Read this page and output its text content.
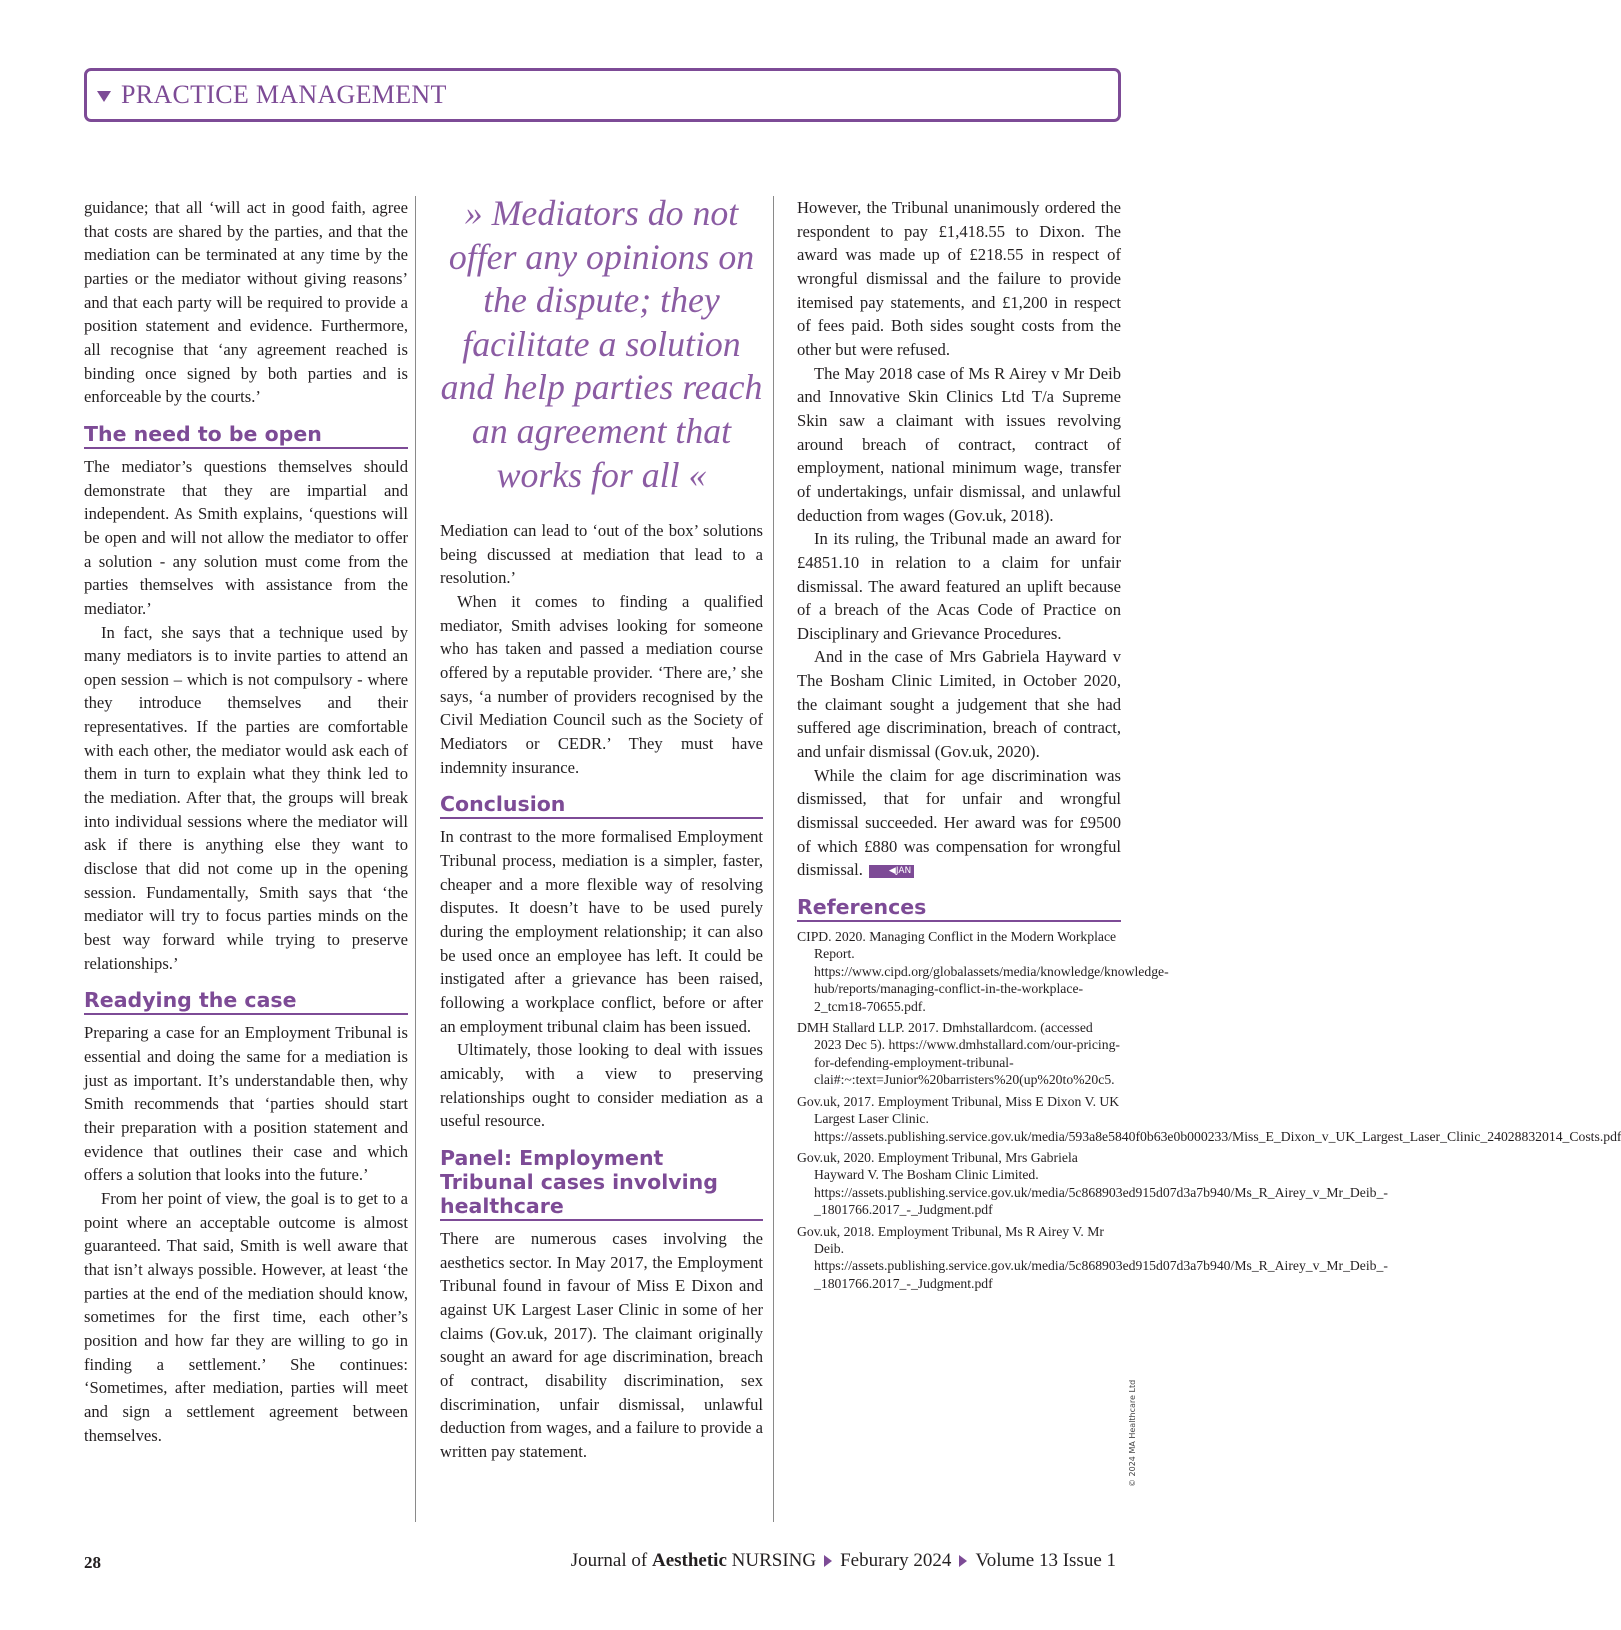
PRACTICE MANAGEMENT

guidance; that all ‘will act in good faith, agree that costs are shared by the parties, and that the mediation can be terminated at any time by the parties or the mediator without giving reasons’ and that each party will be required to provide a position statement and evidence. Furthermore, all recognise that ‘any agreement reached is binding once signed by both parties and is enforceable by the courts.’

The need to be open

The mediator’s questions themselves should demonstrate that they are impartial and independent. As Smith explains, ‘questions will be open and will not allow the mediator to offer a solution - any solution must come from the parties themselves with assistance from the mediator.’

In fact, she says that a technique used by many mediators is to invite parties to attend an open session – which is not compulsory - where they introduce themselves and their representatives. If the parties are comfortable with each other, the mediator would ask each of them in turn to explain what they think led to the mediation. After that, the groups will break into individual sessions where the mediator will ask if there is anything else they want to disclose that did not come up in the opening session. Fundamentally, Smith says that ‘the mediator will try to focus parties minds on the best way forward while trying to preserve relationships.’

Readying the case

Preparing a case for an Employment Tribunal is essential and doing the same for a mediation is just as important. It’s understandable then, why Smith recommends that ‘parties should start their preparation with a position statement and evidence that outlines their case and which offers a solution that looks into the future.’

From her point of view, the goal is to get to a point where an acceptable outcome is almost guaranteed. That said, Smith is well aware that that isn’t always possible. However, at least ‘the parties at the end of the mediation should know, sometimes for the first time, each other’s position and how far they are willing to go in finding a settlement.’ She continues: ‘Sometimes, after mediation, parties will meet and sign a settlement agreement between themselves.

» Mediators do not offer any opinions on the dispute; they facilitate a solution and help parties reach an agreement that works for all «

Mediation can lead to ‘out of the box’ solutions being discussed at mediation that lead to a resolution.’

When it comes to finding a qualified mediator, Smith advises looking for someone who has taken and passed a mediation course offered by a reputable provider. ‘There are,’ she says, ‘a number of providers recognised by the Civil Mediation Council such as the Society of Mediators or CEDR.’ They must have indemnity insurance.

Conclusion

In contrast to the more formalised Employment Tribunal process, mediation is a simpler, faster, cheaper and a more flexible way of resolving disputes. It doesn’t have to be used purely during the employment relationship; it can also be used once an employee has left. It could be instigated after a grievance has been raised, following a workplace conflict, before or after an employment tribunal claim has been issued.

Ultimately, those looking to deal with issues amicably, with a view to preserving relationships ought to consider mediation as a useful resource.

Panel: Employment Tribunal cases involving healthcare

There are numerous cases involving the aesthetics sector. In May 2017, the Employment Tribunal found in favour of Miss E Dixon and against UK Largest Laser Clinic in some of her claims (Gov.uk, 2017). The claimant originally sought an award for age discrimination, breach of contract, disability discrimination, sex discrimination, unfair dismissal, unlawful deduction from wages, and a failure to provide a written pay statement.

However, the Tribunal unanimously ordered the respondent to pay £1,418.55 to Dixon. The award was made up of £218.55 in respect of wrongful dismissal and the failure to provide itemised pay statements, and £1,200 in respect of fees paid. Both sides sought costs from the other but were refused.

The May 2018 case of Ms R Airey v Mr Deib and Innovative Skin Clinics Ltd T/a Supreme Skin saw a claimant with issues revolving around breach of contract, contract of employment, national minimum wage, transfer of undertakings, unfair dismissal, and unlawful deduction from wages (Gov.uk, 2018).

In its ruling, the Tribunal made an award for £4851.10 in relation to a claim for unfair dismissal. The award featured an uplift because of a breach of the Acas Code of Practice on Disciplinary and Grievance Procedures.

And in the case of Mrs Gabriela Hayward v The Bosham Clinic Limited, in October 2020, the claimant sought a judgement that she had suffered age discrimination, breach of contract, and unfair dismissal (Gov.uk, 2020).

While the claim for age discrimination was dismissed, that for unfair and wrongful dismissal succeeded. Her award was for £9500 of which £880 was compensation for wrongful dismissal.	◀JAN

References
CIPD. 2020. Managing Conflict in the Modern Workplace Report. https://www.cipd.org/globalassets/media/knowledge/knowledge-hub/reports/managing-conflict-in-the-workplace-2_tcm18-70655.pdf.
DMH Stallard LLP. 2017. Dmhstallardcom. (accessed 2023 Dec 5). https://www.dmhstallard.com/our-pricing-for-defending-employment-tribunal-clai#:~:text=Junior%20barristers%20(up%20to%20c5.
Gov.uk, 2017. Employment Tribunal, Miss E Dixon V. UK Largest Laser Clinic. https://assets.publishing.service.gov.uk/media/593a8e5840f0b63e0b000233/Miss_E_Dixon_v_UK_Largest_Laser_Clinic_24028832014_Costs.pdf
Gov.uk, 2020. Employment Tribunal, Mrs Gabriela Hayward V. The Bosham Clinic Limited. https://assets.publishing.service.gov.uk/media/5c868903ed915d07d3a7b940/Ms_R_Airey_v_Mr_Deib_-_1801766.2017_-_Judgment.pdf
Gov.uk, 2018. Employment Tribunal, Ms R Airey V. Mr Deib. https://assets.publishing.service.gov.uk/media/5c868903ed915d07d3a7b940/Ms_R_Airey_v_Mr_Deib_-_1801766.2017_-_Judgment.pdf
© 2024 MA Healthcare Ltd
28	Journal of Aesthetic NURSING Feburary 2024 Volume 13 Issue 1
